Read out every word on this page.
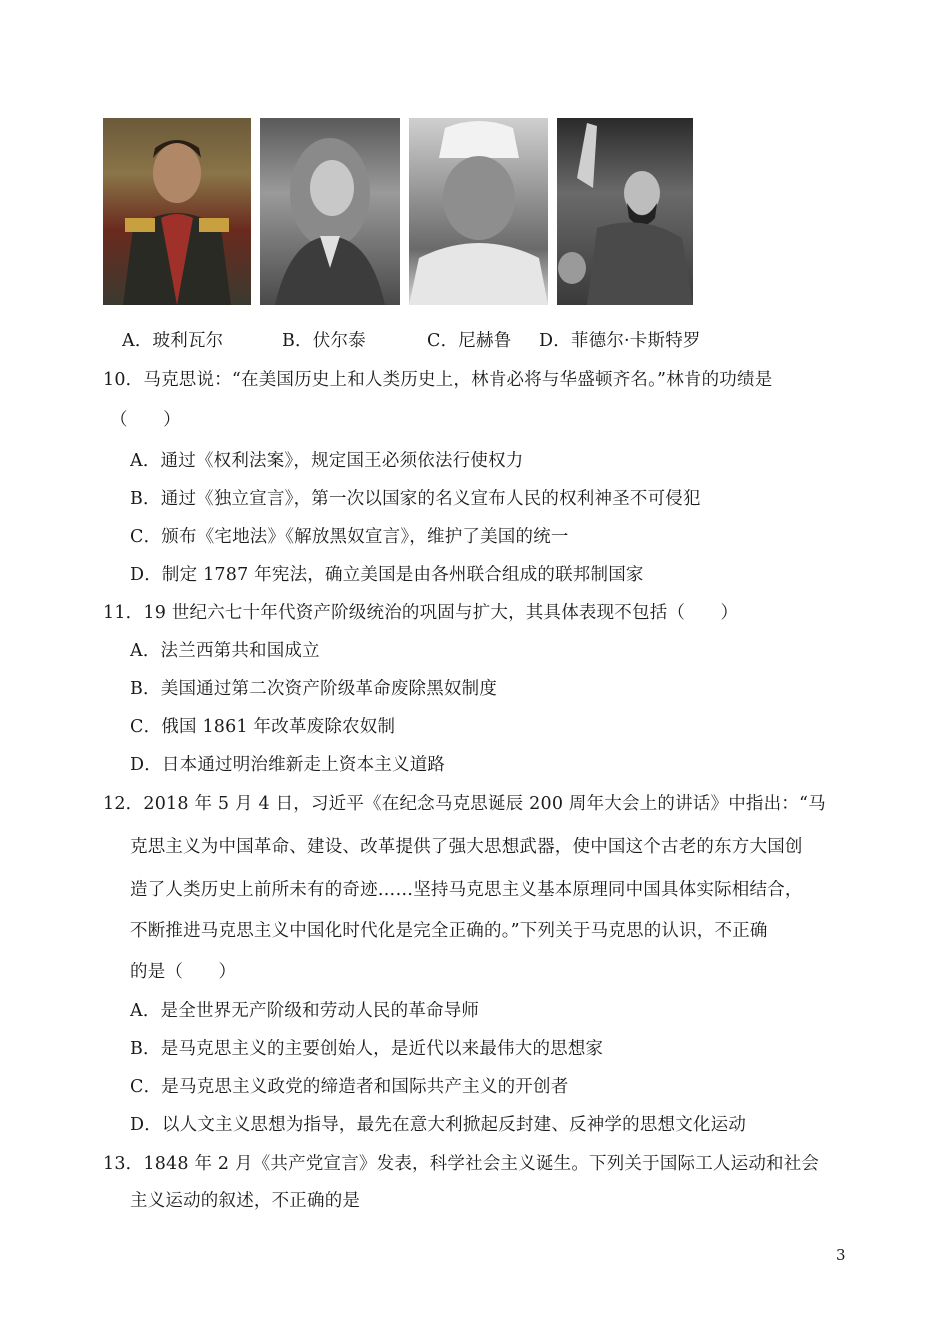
A．玻利瓦尔	B．伏尔泰	C．尼赫鲁 D．菲德尔·卡斯特罗
10．马克思说：“在美国历史上和人类历史上，林肯必将与华盛顿齐名。”林肯的功绩是
（　　）
A．通过《权利法案》，规定国王必须依法行使权力
B．通过《独立宣言》，第一次以国家的名义宣布人民的权利神圣不可侵犯
C．颁布《宅地法》《解放黑奴宣言》，维护了美国的统一
D．制定 1787 年宪法，确立美国是由各州联合组成的联邦制国家
11．19 世纪六七十年代资产阶级统治的巩固与扩大，其具体表现不包括（　　）
A．法兰西第共和国成立
B．美国通过第二次资产阶级革命废除黑奴制度
C．俄国 1861 年改革废除农奴制
D．日本通过明治维新走上资本主义道路
12．2018 年 5 月 4 日，习近平《在纪念马克思诞辰 200 周年大会上的讲话》中指出：“马
克思主义为中国革命、建设、改革提供了强大思想武器，使中国这个古老的东方大国创
造了人类历史上前所未有的奇迹……坚持马克思主义基本原理同中国具体实际相结合，
不断推进马克思主义中国化时代化是完全正确的。”下列关于马克思的认识，不正确
的是（　　）
A．是全世界无产阶级和劳动人民的革命导师
B．是马克思主义的主要创始人，是近代以来最伟大的思想家
C．是马克思主义政党的缔造者和国际共产主义的开创者
D．以人文主义思想为指导，最先在意大利掀起反封建、反神学的思想文化运动
13．1848 年 2 月《共产党宣言》发表，科学社会主义诞生。下列关于国际工人运动和社会
主义运动的叙述，不正确的是
3
